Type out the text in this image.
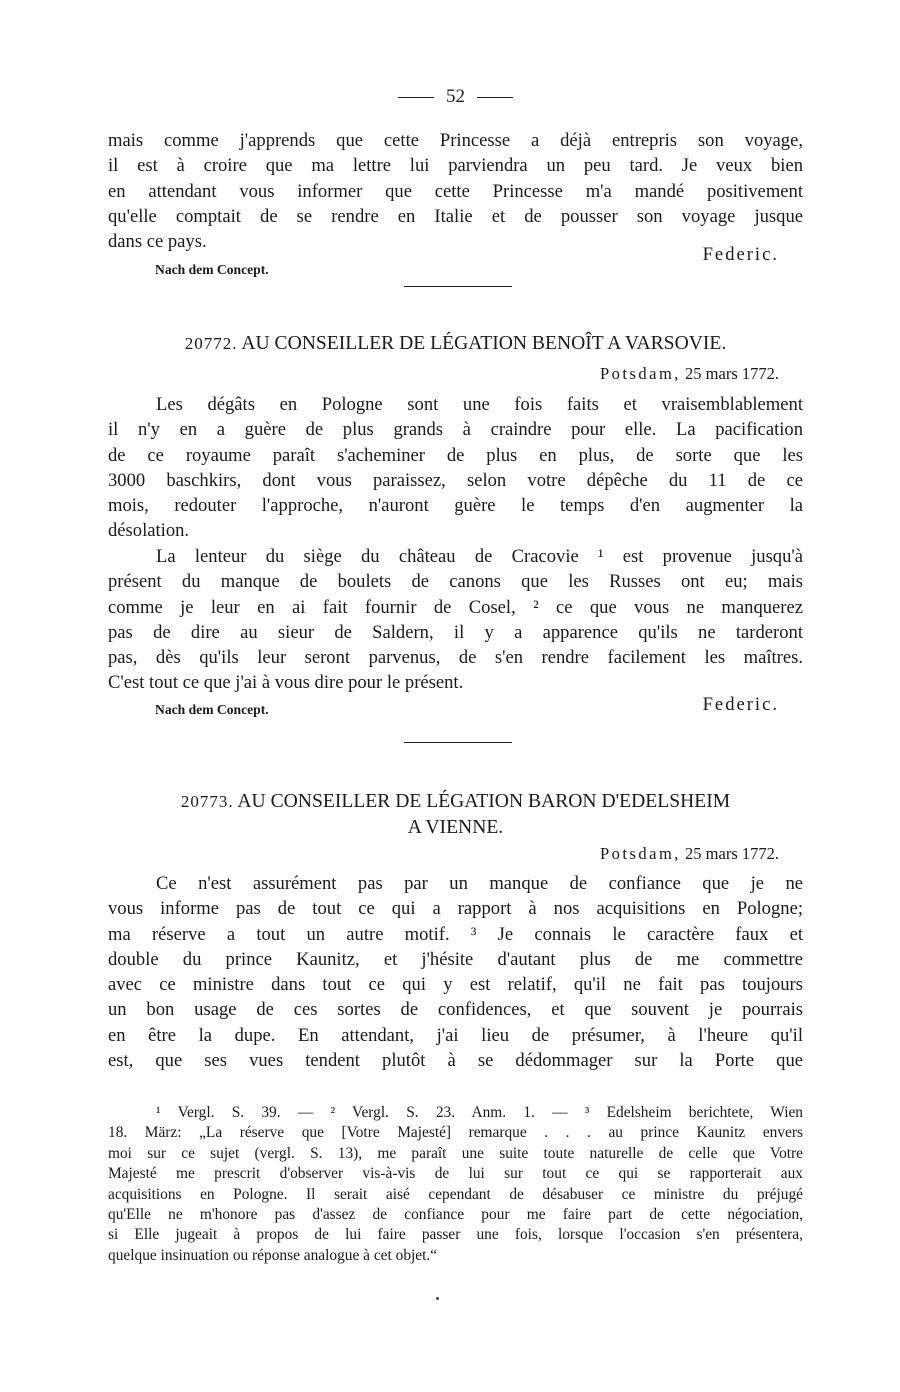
52
mais comme j'apprends que cette Princesse a déjà entrepris son voyage,
il est à croire que ma lettre lui parviendra un peu tard. Je veux bien
en attendant vous informer que cette Princesse m'a mandé positivement
qu'elle comptait de se rendre en Italie et de pousser son voyage jusque
dans ce pays.
Federic.
Nach dem Concept.
20772. AU CONSEILLER DE LÉGATION BENOÎT A VARSOVIE.
Potsdam, 25 mars 1772.
Les dégâts en Pologne sont une fois faits et vraisemblablement
il n'y en a guère de plus grands à craindre pour elle. La pacification
de ce royaume paraît s'acheminer de plus en plus, de sorte que les
3000 baschkirs, dont vous paraissez, selon votre dépêche du 11 de ce
mois, redouter l'approche, n'auront guère le temps d'en augmenter la
désolation.
La lenteur du siège du château de Cracovie ¹ est provenue jusqu'à
présent du manque de boulets de canons que les Russes ont eu; mais
comme je leur en ai fait fournir de Cosel, ² ce que vous ne manquerez
pas de dire au sieur de Saldern, il y a apparence qu'ils ne tarderont
pas, dès qu'ils leur seront parvenus, de s'en rendre facilement les maîtres.
C'est tout ce que j'ai à vous dire pour le présent.
Nach dem Concept.	Federic.
20773. AU CONSEILLER DE LÉGATION BARON D'EDELSHEIM
A VIENNE.
Potsdam, 25 mars 1772.
Ce n'est assurément pas par un manque de confiance que je ne
vous informe pas de tout ce qui a rapport à nos acquisitions en Pologne;
ma réserve a tout un autre motif. ³ Je connais le caractère faux et
double du prince Kaunitz, et j'hésite d'autant plus de me commettre
avec ce ministre dans tout ce qui y est relatif, qu'il ne fait pas toujours
un bon usage de ces sortes de confidences, et que souvent je pourrais
en être la dupe. En attendant, j'ai lieu de présumer, à l'heure qu'il
est, que ses vues tendent plutôt à se dédommager sur la Porte que
¹ Vergl. S. 39. — ² Vergl. S. 23. Anm. 1. — ³ Edelsheim berichtete, Wien
18. März: „La réserve que [Votre Majesté] remarque . . . au prince Kaunitz envers
moi sur ce sujet (vergl. S. 13), me paraît une suite toute naturelle de celle que Votre
Majesté me prescrit d'observer vis-à-vis de lui sur tout ce qui se rapporterait aux
acquisitions en Pologne. Il serait aisé cependant de désabuser ce ministre du préjugé
qu'Elle ne m'honore pas d'assez de confiance pour me faire part de cette négociation,
si Elle jugeait à propos de lui faire passer une fois, lorsque l'occasion s'en présentera,
quelque insinuation ou réponse analogue à cet objet.“
